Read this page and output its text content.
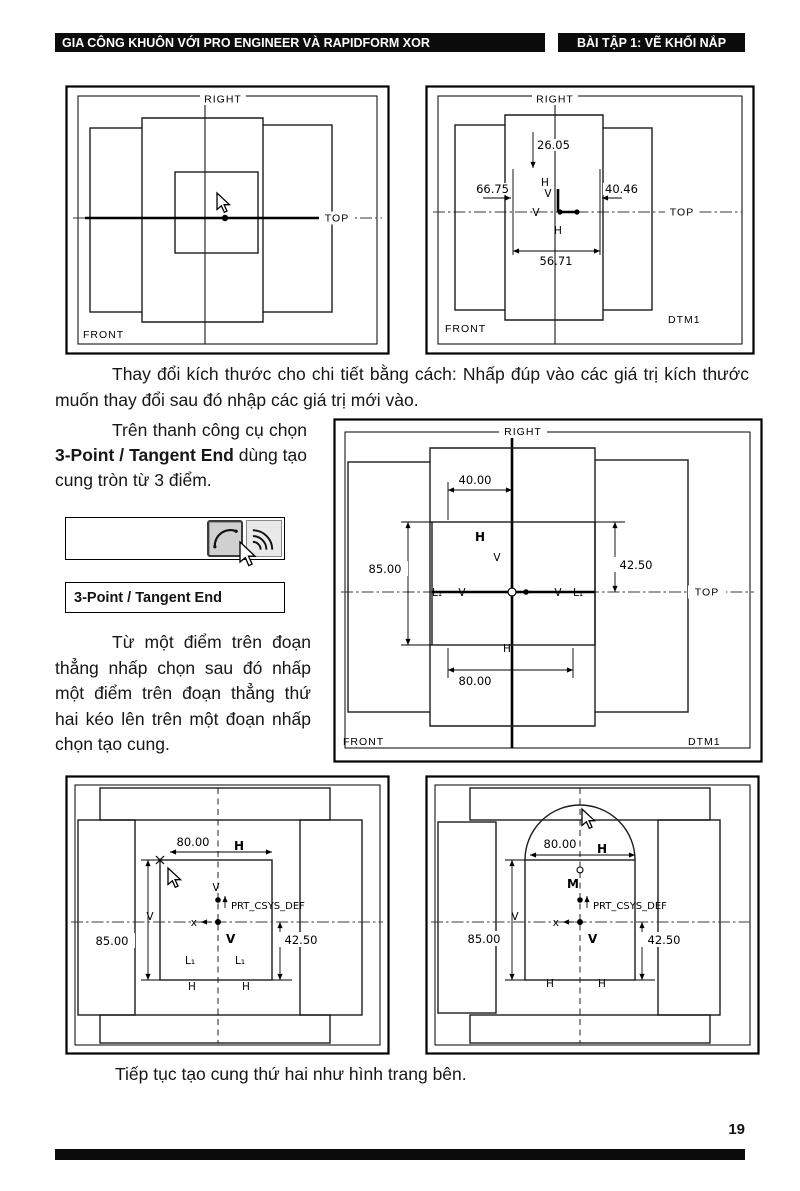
GIA CÔNG KHUÔN VỚI PRO ENGINEER VÀ RAPIDFORM XOR	BÀI TẬP 1: VẼ KHỐI NẮP
RIGHT
TOP
FRONT
26.05
66.75	40.46
56.71
H
V
V
H
RIGHT
TOP
FRONT
DTM1

Thay đổi kích thước cho chi tiết bằng cách: Nhấp đúp vào các giá trị kích thước muốn thay đổi sau đó nhập các giá trị mới vào.

Trên thanh công cụ chọn 3-Point / Tangent End dùng tạo cung tròn từ 3 điểm.

3-Point / Tangent End

Từ một điểm trên đoạn thẳng nhấp chọn sau đó nhấp một điểm trên đoạn thẳng thứ hai kéo lên trên một đoạn nhấp chọn tạo cung.

40.00
85.00	42.50
80.00
L₁ V	V L₁
H
V
H
RIGHT
TOP
FRONT	DTM1
80.00 H
85.00	42.50
V
PRT_CSYS_DEF
x
V
V
L₁	L₁
H	H
80.00 H
85.00	42.50
M
PRT_CSYS_DEF
x
V
V
H	H

Tiếp tục tạo cung thứ hai như hình trang bên.

19
